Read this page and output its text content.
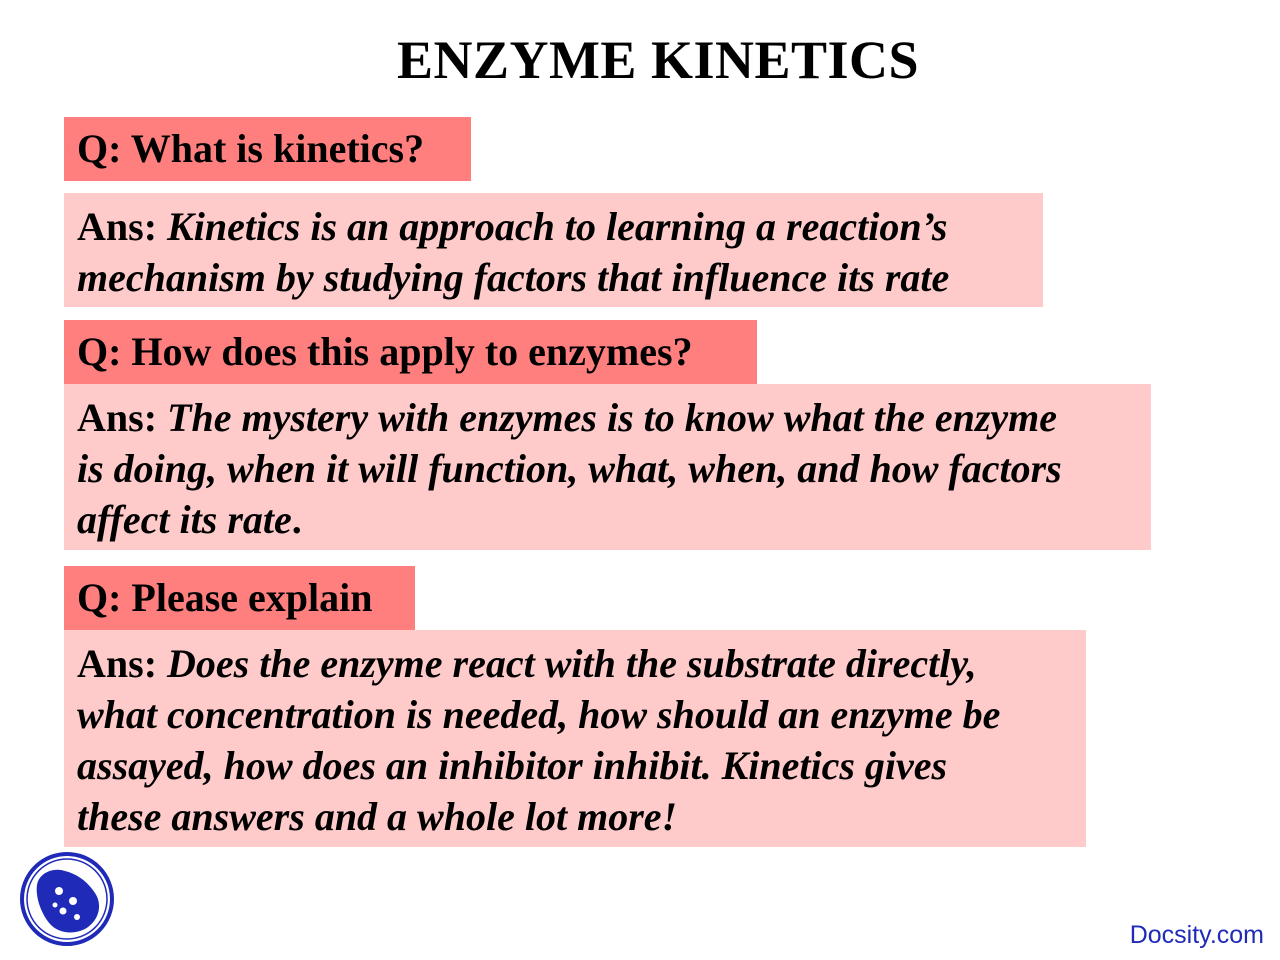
ENZYME KINETICS
Q: What is kinetics?
Ans: Kinetics is an approach to learning a reaction’s
mechanism by studying factors that influence its rate
Q: How does this apply to enzymes?
Ans: The mystery with enzymes is to know what the enzyme
is doing, when it will function, what, when, and how factors
affect its rate.
Q: Please explain
Ans: Does the enzyme react with the substrate directly,
what concentration is needed, how should an enzyme be
assayed, how does an inhibitor inhibit. Kinetics gives
these answers and a whole lot more!
Docsity.com
